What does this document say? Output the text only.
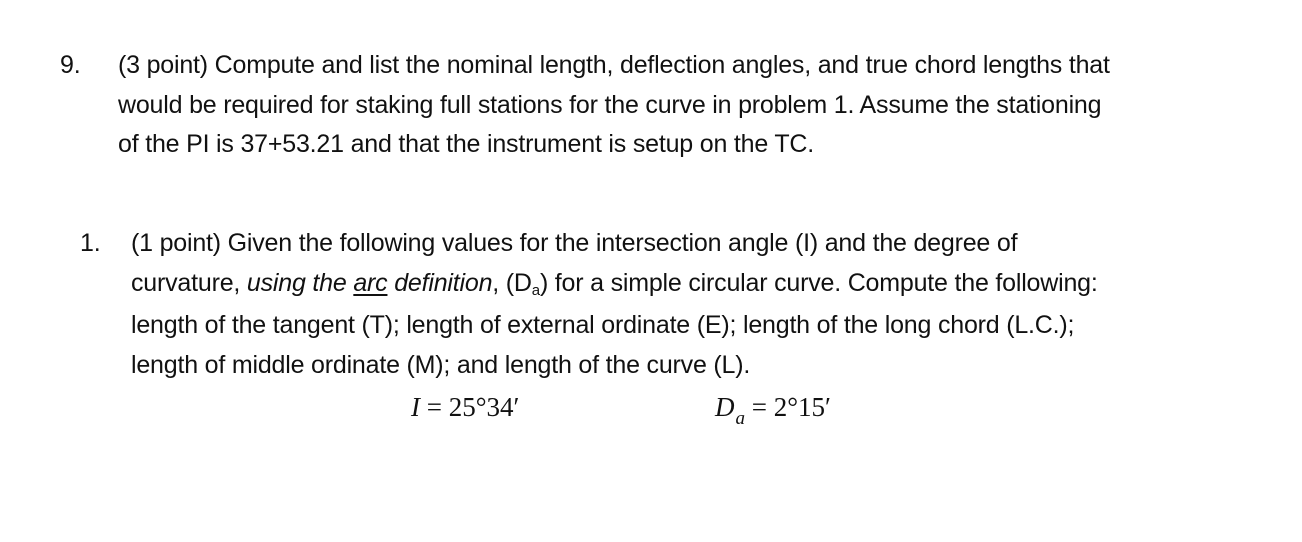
9. (3 point) Compute and list the nominal length, deflection angles, and true chord lengths that
would be required for staking full stations for the curve in problem 1. Assume the stationing
of the PI is 37+53.21 and that the instrument is setup on the TC.
1. (1 point) Given the following values for the intersection angle (I) and the degree of
curvature, using the arc definition, (Da) for a simple circular curve. Compute the following:
length of the tangent (T); length of external ordinate (E); length of the long chord (L.C.);
length of middle ordinate (M); and length of the curve (L).
I = 25°34′	$D_a = 2^\circ 15'$
